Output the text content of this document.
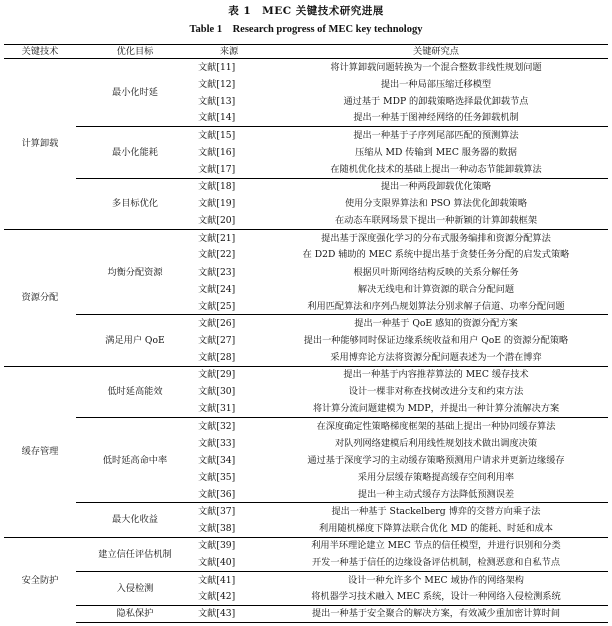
表 1　MEC 关键技术研究进展
Table 1　Research progress of MEC key technology
关键技术	优化目标	来源	关键研究点
计算卸载	最小化时延	文献[11]	将计算卸载问题转换为一个混合整数非线性规划问题
		文献[12]	提出一种局部压缩迁移模型
		文献[13]	通过基于 MDP 的卸载策略选择最优卸载节点
		文献[14]	提出一种基于图神经网络的任务卸载机制
	最小化能耗	文献[15]	提出一种基于子序列尾部匹配的预测算法
		文献[16]	压缩从 MD 传输到 MEC 服务器的数据
		文献[17]	在随机优化技术的基础上提出一种动态节能卸载算法
	多目标优化	文献[18]	提出一种两段卸载优化策略
		文献[19]	使用分支限界算法和 PSO 算法优化卸载策略
		文献[20]	在动态车联网场景下提出一种新颖的计算卸载框架
资源分配	均衡分配资源	文献[21]	提出基于深度强化学习的分布式服务编排和资源分配算法
		文献[22]	在 D2D 辅助的 MEC 系统中提出基于贪婪任务分配的启发式策略
		文献[23]	根据贝叶斯网络结构反映的关系分解任务
		文献[24]	解决无线电和计算资源的联合分配问题
		文献[25]	利用匹配算法和序列凸规划算法分别求解子信道、功率分配问题
	满足用户 QoE	文献[26]	提出一种基于 QoE 感知的资源分配方案
		文献[27]	提出一种能够同时保证边缘系统收益和用户 QoE 的资源分配策略
		文献[28]	采用博弈论方法将资源分配问题表述为一个潜在博弈
缓存管理	低时延高能效	文献[29]	提出一种基于内容推荐算法的 MEC 缓存技术
		文献[30]	设计一棵非对称查找树改进分支和约束方法
		文献[31]	将计算分流问题建模为 MDP，并提出一种计算分流解决方案
	低时延高命中率	文献[32]	在深度确定性策略梯度框架的基础上提出一种协同缓存算法
		文献[33]	对队列网络建模后利用线性规划技术做出调度决策
		文献[34]	通过基于深度学习的主动缓存策略预测用户请求并更新边缘缓存
		文献[35]	采用分层缓存策略提高缓存空间利用率
		文献[36]	提出一种主动式缓存方法降低预测误差
	最大化收益	文献[37]	提出一种基于 Stackelberg 博弈的交替方向乘子法
		文献[38]	利用随机梯度下降算法联合优化 MD 的能耗、时延和成本
安全防护	建立信任评估机制	文献[39]	利用半环理论建立 MEC 节点的信任模型，并进行识别和分类
		文献[40]	开发一种基于信任的边缘设备评估机制，检测恶意和自私节点
	入侵检测	文献[41]	设计一种允许多个 MEC 域协作的网络架构
		文献[42]	将机器学习技术融入 MEC 系统，设计一种网络入侵检测系统
	隐私保护	文献[43]	提出一种基于安全聚合的解决方案，有效减少重加密计算时间
